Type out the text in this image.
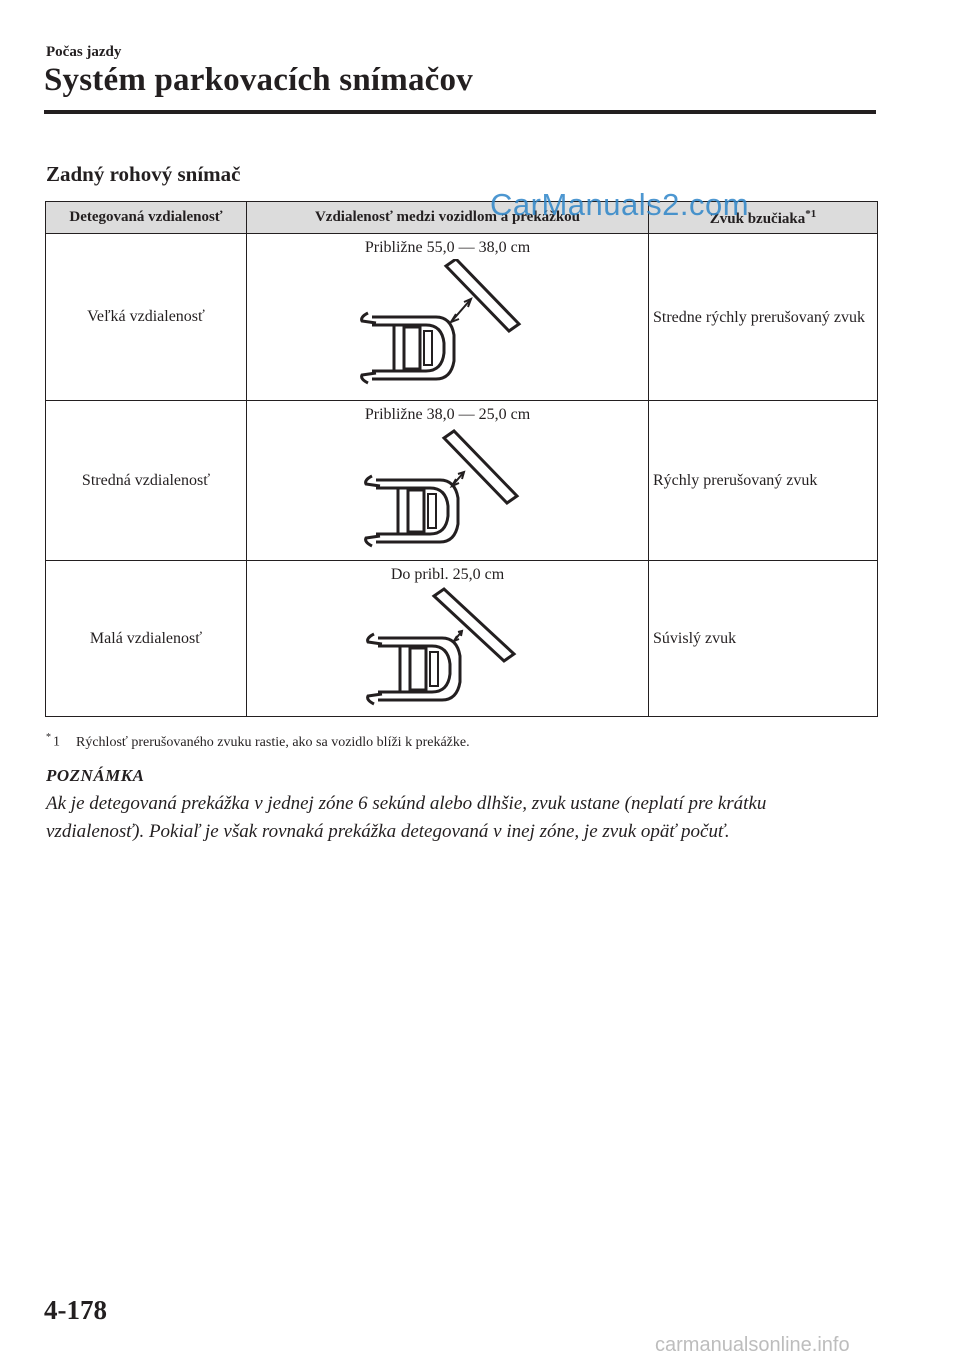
Počas jazdy
Systém parkovacích snímačov
Zadný rohový snímač
Detegovaná vzdialenosť	Vzdialenosť medzi vozidlom a prekážkou	Zvuk bzučiaka$^{*1}$
Veľká vzdialenosť	Približne 55,0 — 38,0 cm	Stredne rýchly prerušovaný zvuk
Stredná vzdialenosť	Približne 38,0 — 25,0 cm	Rýchly prerušovaný zvuk
Malá vzdialenosť	Do pribl. 25,0 cm	Súvislý zvuk
CarManuals2.com
* 1 Rýchlosť prerušovaného zvuku rastie, ako sa vozidlo blíži k prekážke.
POZNÁMKA
Ak je detegovaná prekážka v jednej zóne 6 sekúnd alebo dlhšie, zvuk ustane (neplatí pre krátku vzdialenosť). Pokiaľ je však rovnaká prekážka detegovaná v inej zóne, je zvuk opäť počuť.
4-178
carmanualsonline.info
